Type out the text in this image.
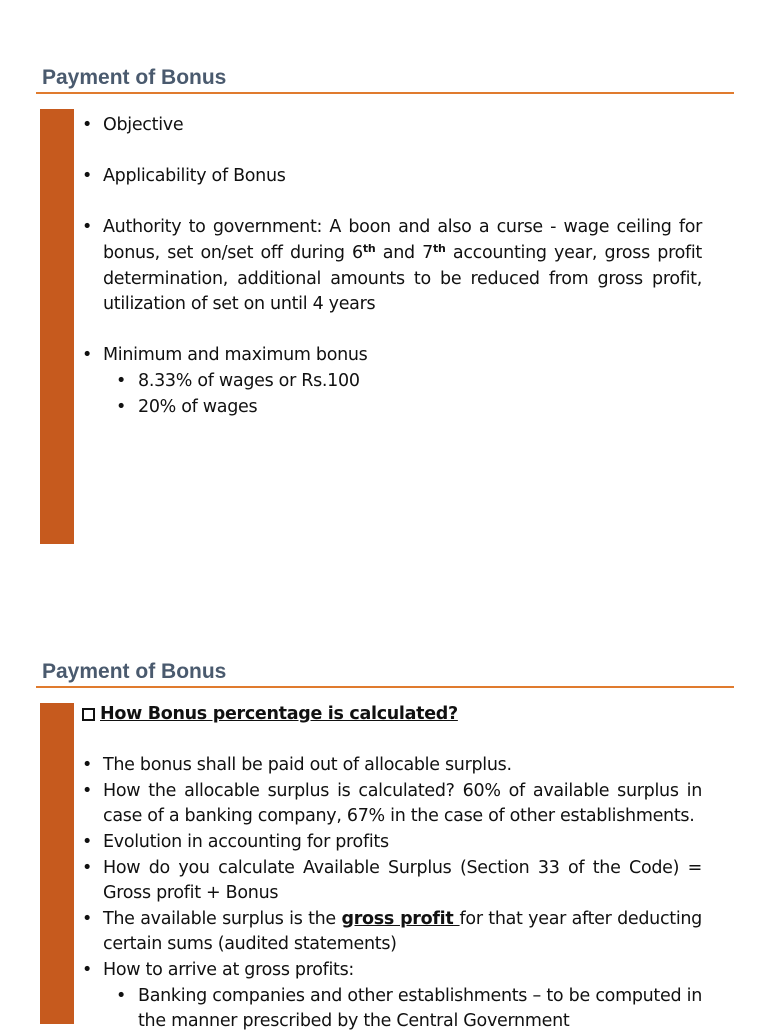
Payment of Bonus
• Objective
• Applicability of Bonus
• Authority to government: A boon and also a curse - wage ceiling for bonus, set on/set off during 6th and 7th accounting year, gross profit determination, additional amounts to be reduced from gross profit, utilization of set on until 4 years
• Minimum and maximum bonus
• 8.33% of wages or Rs.100
• 20% of wages
Payment of Bonus
How Bonus percentage is calculated?
• The bonus shall be paid out of allocable surplus.
• How the allocable surplus is calculated? 60% of available surplus in case of a banking company, 67% in the case of other establishments.
• Evolution in accounting for profits
• How do you calculate Available Surplus (Section 33 of the Code) = Gross profit + Bonus
• The available surplus is the gross profit for that year after deducting certain sums (audited statements)
• How to arrive at gross profits:
• Banking companies and other establishments – to be computed in the manner prescribed by the Central Government
